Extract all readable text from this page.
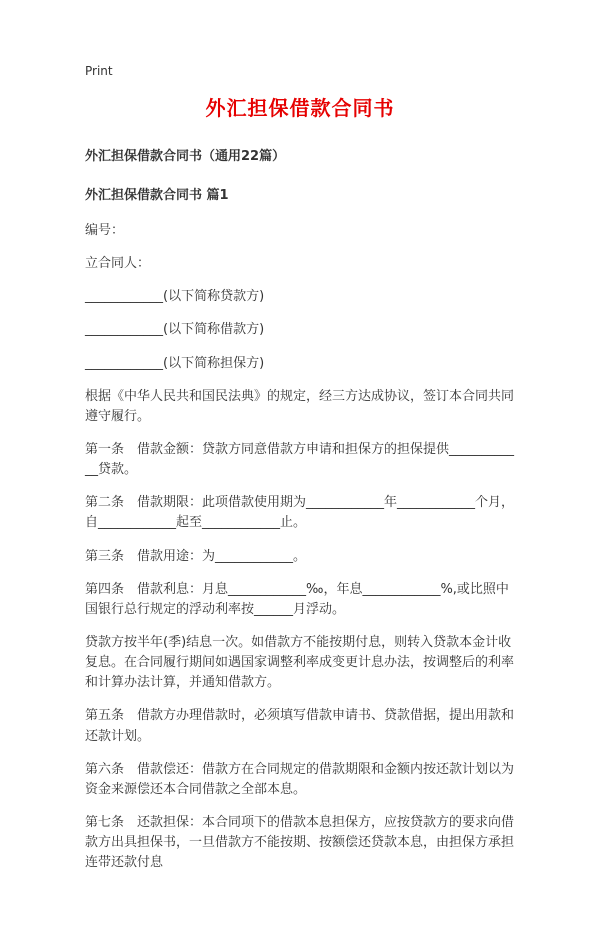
Print
外汇担保借款合同书
外汇担保借款合同书（通用22篇）
外汇担保借款合同书 篇1
编号：
立合同人：
____________(以下简称贷款方)
____________(以下简称借款方)
____________(以下简称担保方)
根据《中华人民共和国民法典》的规定，经三方达成协议，签订本合同共同遵守履行。
第一条　借款金额：贷款方同意借款方申请和担保方的担保提供____________贷款。
第二条　借款期限：此项借款使用期为____________年____________个月，自____________起至____________止。
第三条　借款用途：为____________。
第四条　借款利息：月息____________‰，年息____________%,或比照中国银行总行规定的浮动利率按______月浮动。
贷款方按半年(季)结息一次。如借款方不能按期付息，则转入贷款本金计收复息。在合同履行期间如遇国家调整利率成变更计息办法，按调整后的利率和计算办法计算，并通知借款方。
第五条　借款方办理借款时，必须填写借款申请书、贷款借据，提出用款和还款计划。
第六条　借款偿还：借款方在合同规定的借款期限和金额内按还款计划以为资金来源偿还本合同借款之全部本息。
第七条　还款担保：本合同项下的借款本息担保方，应按贷款方的要求向借款方出具担保书，一旦借款方不能按期、按额偿还贷款本息，由担保方承担连带还款付息
